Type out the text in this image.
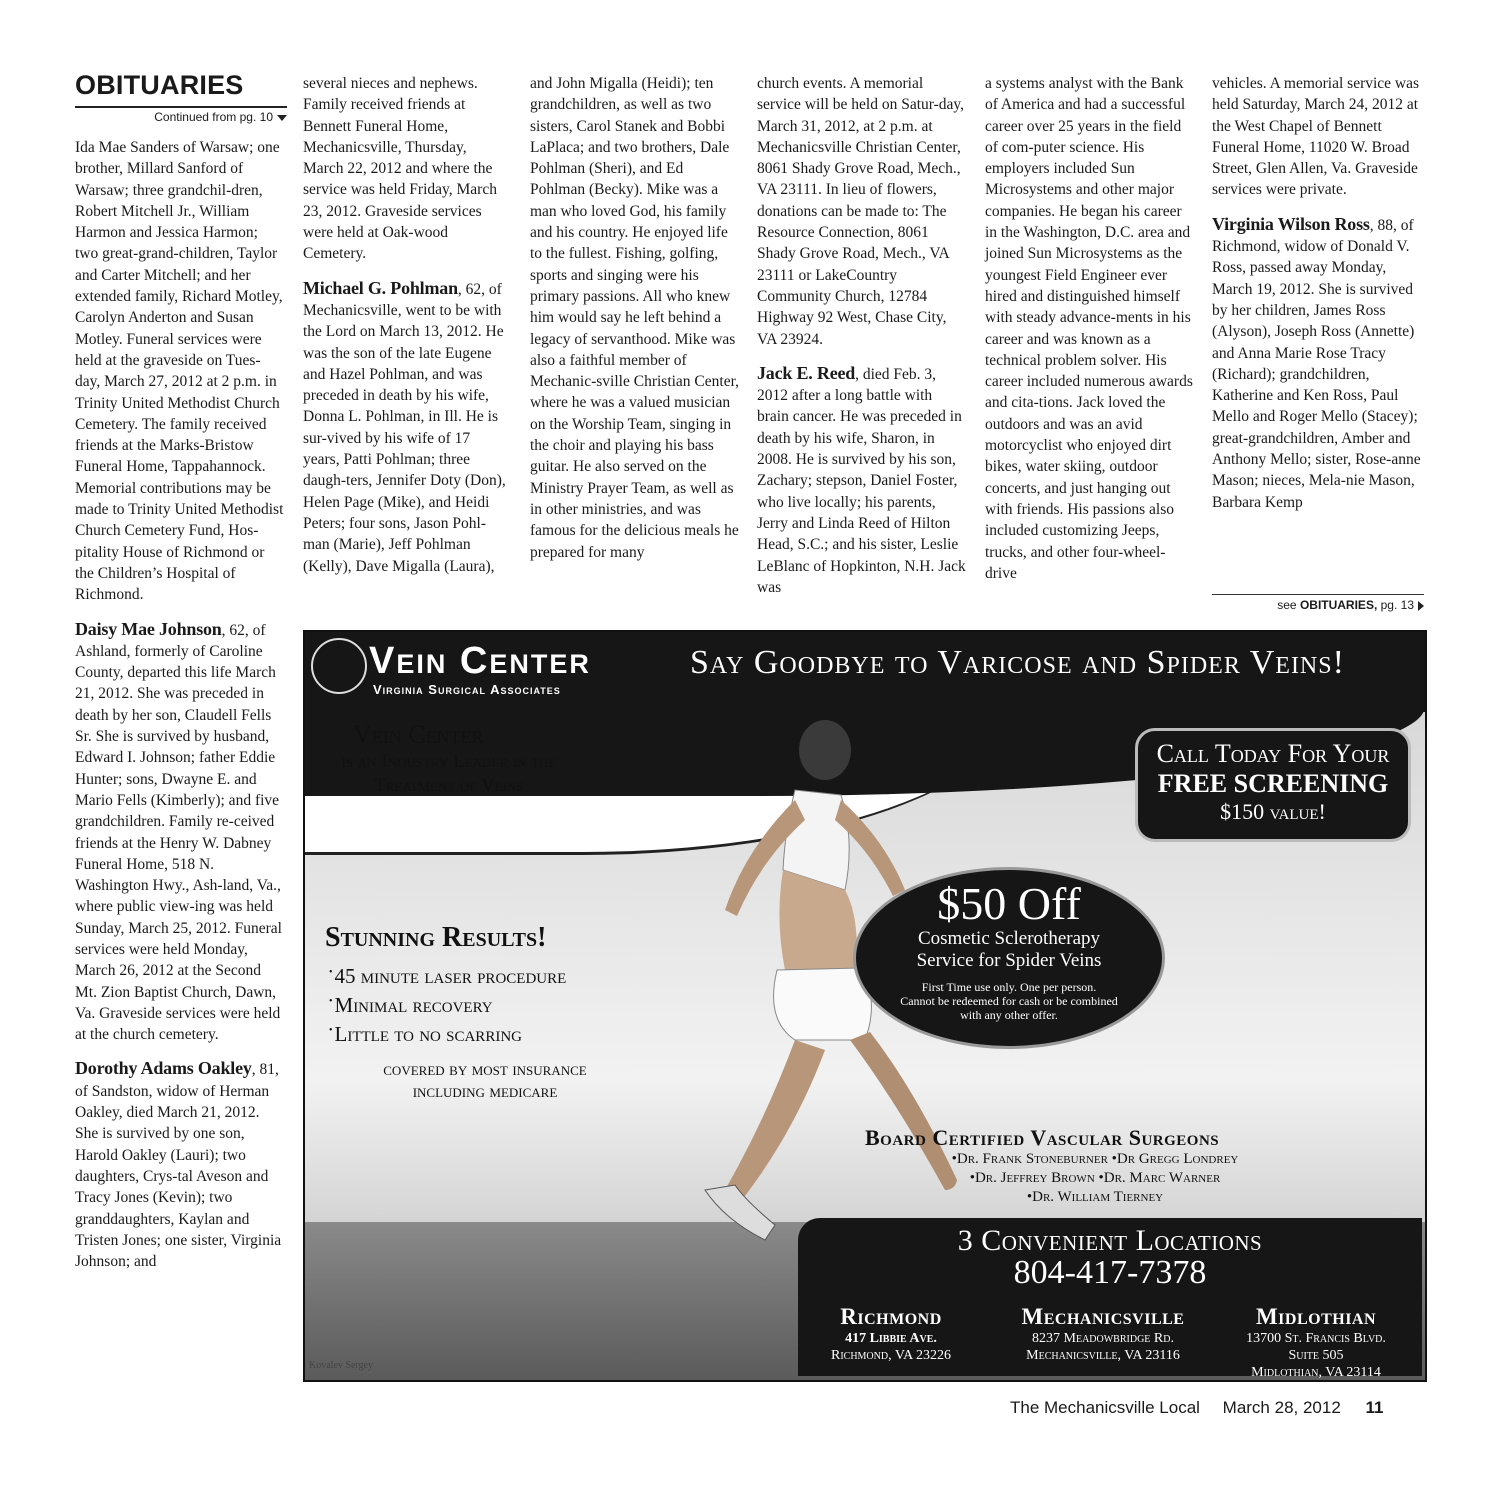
OBITUARIES
Continued from pg. 10

Ida Mae Sanders of Warsaw; one brother, Millard Sanford of Warsaw; three grandchil-dren, Robert Mitchell Jr., William Harmon and Jessica Harmon; two great-grand-children, Taylor and Carter Mitchell; and her extended family, Richard Motley, Carolyn Anderton and Susan Motley. Funeral services were held at the graveside on Tues-day, March 27, 2012 at 2 p.m. in Trinity United Methodist Church Cemetery. The family received friends at the Marks-Bristow Funeral Home, Tappahannock. Memorial contributions may be made to Trinity United Methodist Church Cemetery Fund, Hos-pitality House of Richmond or the Children’s Hospital of Richmond.

Daisy Mae Johnson, 62, of Ashland, formerly of Caroline County, departed this life March 21, 2012. She was preceded in death by her son, Claudell Fells Sr. She is survived by husband, Edward I. Johnson; father Eddie Hunter; sons, Dwayne E. and Mario Fells (Kimberly); and five grandchildren. Family re-ceived friends at the Henry W. Dabney Funeral Home, 518 N. Washington Hwy., Ash-land, Va., where public view-ing was held Sunday, March 25, 2012. Funeral services were held Monday, March 26, 2012 at the Second Mt. Zion Baptist Church, Dawn, Va. Graveside services were held at the church cemetery.

Dorothy Adams Oakley, 81, of Sandston, widow of Herman Oakley, died March 21, 2012. She is survived by one son, Harold Oakley (Lauri); two daughters, Crys-tal Aveson and Tracy Jones (Kevin); two granddaughters, Kaylan and Tristen Jones; one sister, Virginia Johnson; and

several nieces and nephews. Family received friends at Bennett Funeral Home, Mechanicsville, Thursday, March 22, 2012 and where the service was held Friday, March 23, 2012. Graveside services were held at Oak-wood Cemetery.

Michael G. Pohlman, 62, of Mechanicsville, went to be with the Lord on March 13, 2012. He was the son of the late Eugene and Hazel Pohlman, and was preceded in death by his wife, Donna L. Pohlman, in Ill. He is sur-vived by his wife of 17 years, Patti Pohlman; three daugh-ters, Jennifer Doty (Don), Helen Page (Mike), and Heidi Peters; four sons, Jason Pohl-man (Marie), Jeff Pohlman (Kelly), Dave Migalla (Laura),

and John Migalla (Heidi); ten grandchildren, as well as two sisters, Carol Stanek and Bobbi LaPlaca; and two brothers, Dale Pohlman (Sheri), and Ed Pohlman (Becky). Mike was a man who loved God, his family and his country. He enjoyed life to the fullest. Fishing, golfing, sports and singing were his primary passions. All who knew him would say he left behind a legacy of servanthood. Mike was also a faithful member of Mechanic-sville Christian Center, where he was a valued musician on the Worship Team, singing in the choir and playing his bass guitar. He also served on the Ministry Prayer Team, as well as in other ministries, and was famous for the delicious meals he prepared for many

church events. A memorial service will be held on Satur-day, March 31, 2012, at 2 p.m. at Mechanicsville Christian Center, 8061 Shady Grove Road, Mech., VA 23111. In lieu of flowers, donations can be made to: The Resource Connection, 8061 Shady Grove Road, Mech., VA 23111 or LakeCountry Community Church, 12784 Highway 92 West, Chase City, VA 23924.

Jack E. Reed, died Feb. 3, 2012 after a long battle with brain cancer. He was preceded in death by his wife, Sharon, in 2008. He is survived by his son, Zachary; stepson, Daniel Foster, who live locally; his parents, Jerry and Linda Reed of Hilton Head, S.C.; and his sister, Leslie LeBlanc of Hopkinton, N.H. Jack was

a systems analyst with the Bank of America and had a successful career over 25 years in the field of com-puter science. His employers included Sun Microsystems and other major companies. He began his career in the Washington, D.C. area and joined Sun Microsystems as the youngest Field Engineer ever hired and distinguished himself with steady advance-ments in his career and was known as a technical problem solver. His career included numerous awards and cita-tions. Jack loved the outdoors and was an avid motorcyclist who enjoyed dirt bikes, water skiing, outdoor concerts, and just hanging out with friends. His passions also included customizing Jeeps, trucks, and other four-wheel-drive

vehicles. A memorial service was held Saturday, March 24, 2012 at the West Chapel of Bennett Funeral Home, 11020 W. Broad Street, Glen Allen, Va. Graveside services were private.

Virginia Wilson Ross, 88, of Richmond, widow of Donald V. Ross, passed away Monday, March 19, 2012. She is survived by her children, James Ross (Alyson), Joseph Ross (Annette) and Anna Marie Rose Tracy (Richard); grandchildren, Katherine and Ken Ross, Paul Mello and Roger Mello (Stacey); great-grandchildren, Amber and Anthony Mello; sister, Rose-anne Mason; nieces, Mela-nie Mason, Barbara Kemp

see OBITUARIES, pg. 13
Vein Center
Virginia Surgical Associates
Say Goodbye to Varicose and Spider Veins!
Vein Center
is an Industry Leader in the Treatment of Veins
Call Today For Your
FREE SCREENING
$150 value!
$50 Off
Cosmetic Sclerotherapy
Service for Spider Veins
First Time use only. One per person.
Cannot be redeemed for cash or be combined
with any other offer.
Stunning Results!
• 45 minute laser procedure
• Minimal recovery
• Little to no scarring
covered by most insurance
including medicare
Board Certified Vascular Surgeons
•Dr. Frank Stoneburner •Dr Gregg Londrey
•Dr. Jeffrey Brown •Dr. Marc Warner
•Dr. William Tierney
3 Convenient Locations
804-417-7378
Richmond
417 Libbie Ave.
Richmond, VA 23226
Mechanicsville
8237 Meadowbridge Rd.
Mechanicsville, VA 23116
Midlothian
13700 St. Francis Blvd.
Suite 505
Midlothian, VA 23114
Kovalev Sergey
The Mechanicsville Local March 28, 2012 11
